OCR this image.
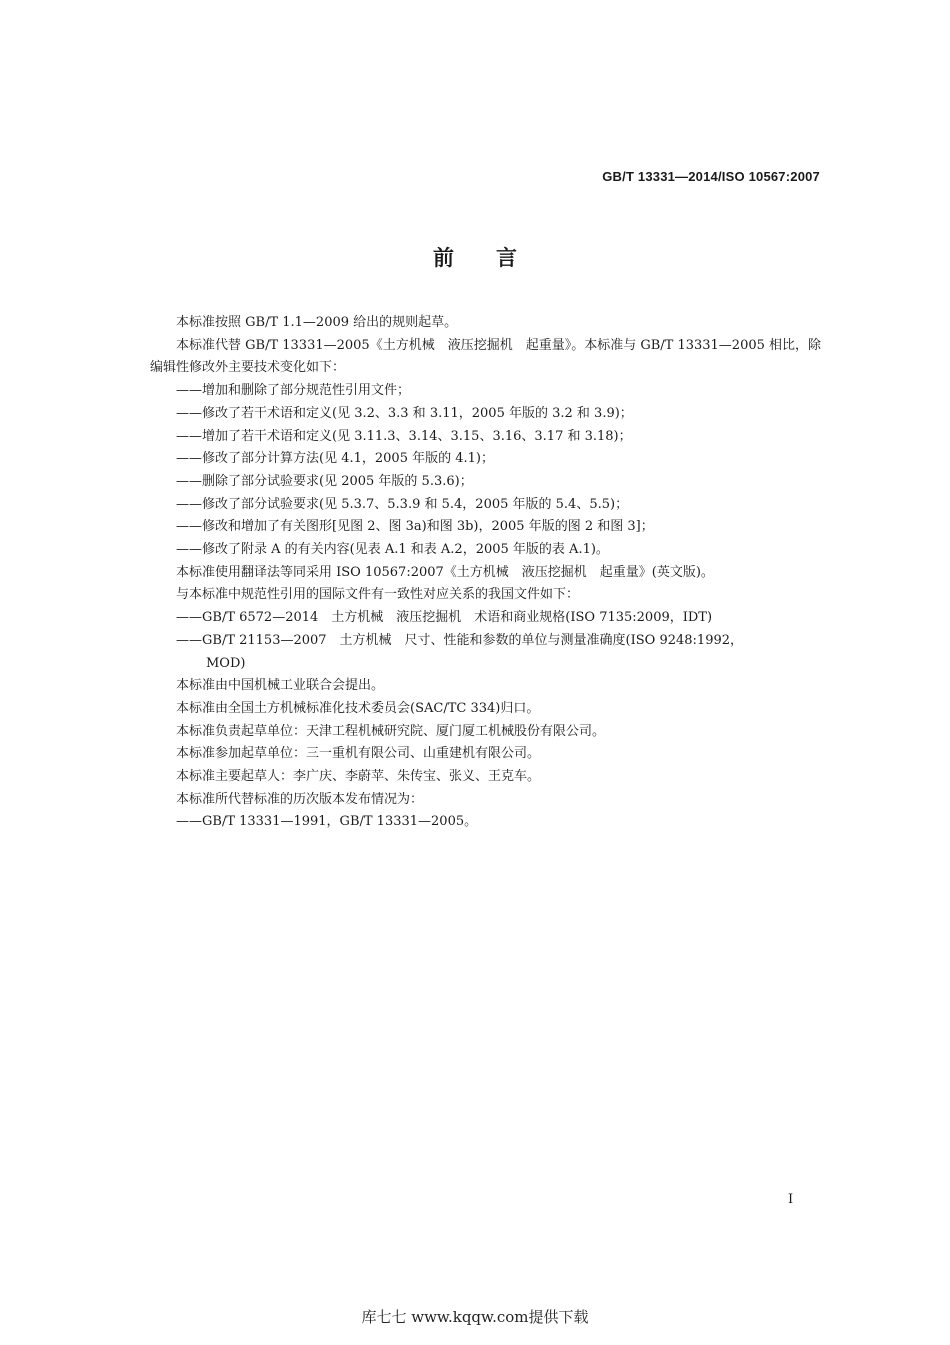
GB/T 13331—2014/ISO 10567:2007
前 言

本标准按照 GB/T 1.1—2009 给出的规则起草。

本标准代替 GB/T 13331—2005《土方机械　液压挖掘机　起重量》。本标准与 GB/T 13331—2005 相比，除编辑性修改外主要技术变化如下：

——增加和删除了部分规范性引用文件；

——修改了若干术语和定义(见 3.2、3.3 和 3.11，2005 年版的 3.2 和 3.9)；

——增加了若干术语和定义(见 3.11.3、3.14、3.15、3.16、3.17 和 3.18)；

——修改了部分计算方法(见 4.1，2005 年版的 4.1)；

——删除了部分试验要求(见 2005 年版的 5.3.6)；

——修改了部分试验要求(见 5.3.7、5.3.9 和 5.4，2005 年版的 5.4、5.5)；

——修改和增加了有关图形[见图 2、图 3a)和图 3b)，2005 年版的图 2 和图 3]；

——修改了附录 A 的有关内容(见表 A.1 和表 A.2，2005 年版的表 A.1)。

本标准使用翻译法等同采用 ISO 10567:2007《土方机械　液压挖掘机　起重量》(英文版)。

与本标准中规范性引用的国际文件有一致性对应关系的我国文件如下：

——GB/T 6572—2014　土方机械　液压挖掘机　术语和商业规格(ISO 7135:2009，IDT)

——GB/T 21153—2007　土方机械　尺寸、性能和参数的单位与测量准确度(ISO 9248:1992，

MOD)

本标准由中国机械工业联合会提出。

本标准由全国土方机械标准化技术委员会(SAC/TC 334)归口。

本标准负责起草单位：天津工程机械研究院、厦门厦工机械股份有限公司。

本标准参加起草单位：三一重机有限公司、山重建机有限公司。

本标准主要起草人：李广庆、李蔚苹、朱传宝、张义、王克车。

本标准所代替标准的历次版本发布情况为：

——GB/T 13331—1991，GB/T 13331—2005。

I
库七七 www.kqqw.com提供下载
